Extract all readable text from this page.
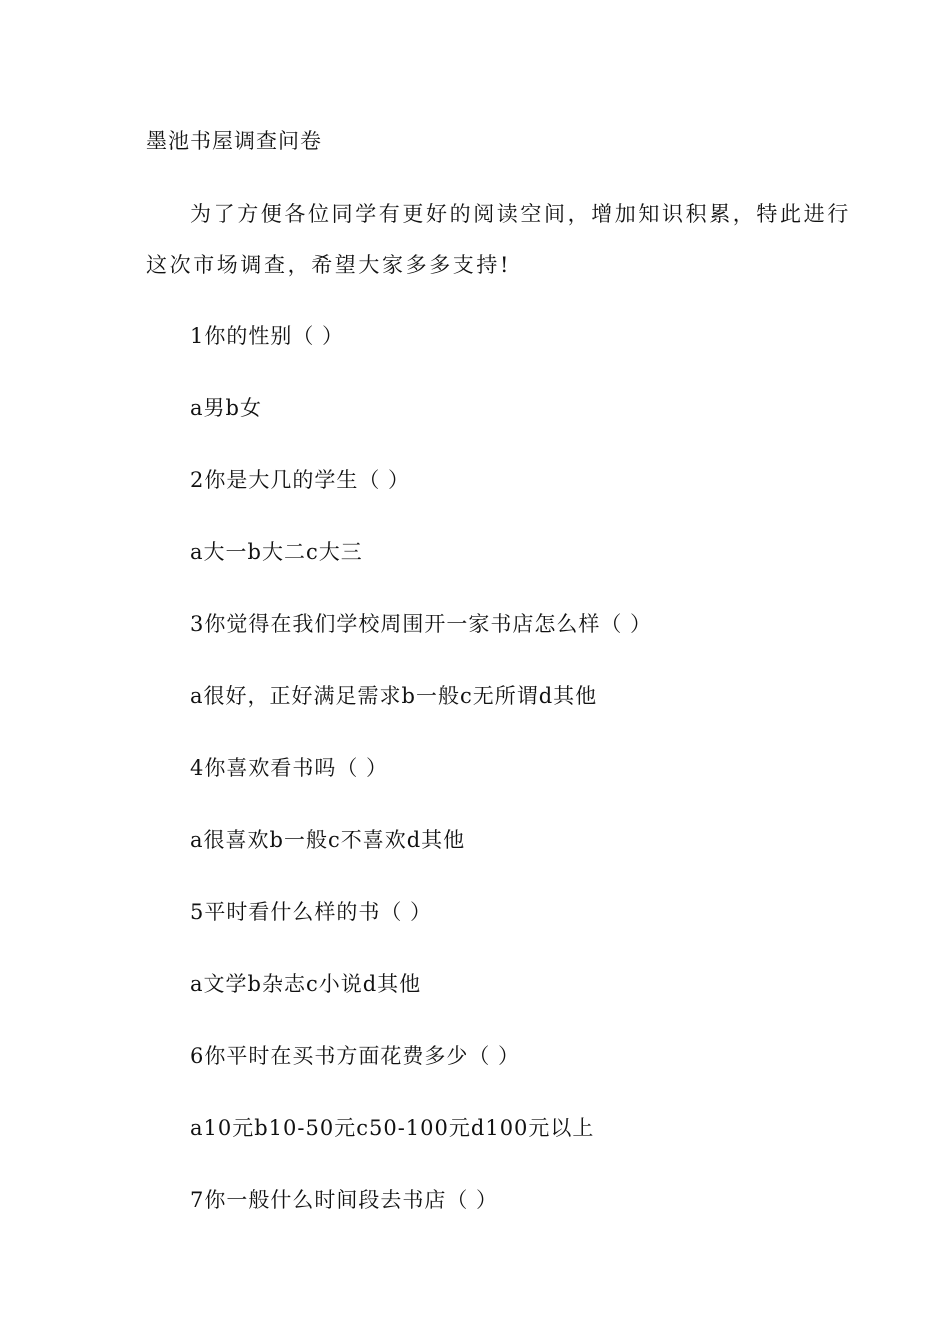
墨池书屋调查问卷
为了方便各位同学有更好的阅读空间，增加知识积累，特此进行
这次市场调查，希望大家多多支持!
1你的性别（ ）
a男b女
2你是大几的学生（ ）
a大一b大二c大三
3你觉得在我们学校周围开一家书店怎么样（ ）
a很好，正好满足需求b一般c无所谓d其他
4你喜欢看书吗（ ）
a很喜欢b一般c不喜欢d其他
5平时看什么样的书（ ）
a文学b杂志c小说d其他
6你平时在买书方面花费多少（ ）
a10元b10-50元c50-100元d100元以上
7你一般什么时间段去书店（ ）
